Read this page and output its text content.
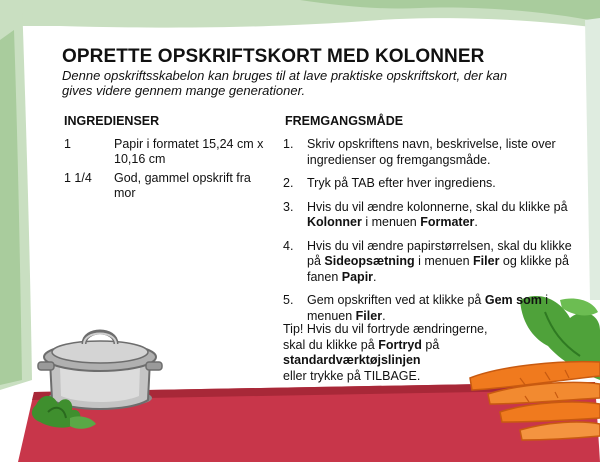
OPRETTE OPSKRIFTSKORT MED KOLONNER

Denne opskriftsskabelon kan bruges til at lave praktiske opskriftskort, der kan gives videre gennem mange generationer.

INGREDIENSER	FREMGANGSMÅDE
1	Papir i formatet 15,24 cm x 10,16 cm
1 1/4	God, gammel opskrift fra mor
1.	Skriv opskriftens navn, beskrivelse, liste over ingredienser og fremgangsmåde.
2.	Tryk på TAB efter hver ingrediens.
3.	Hvis du vil ændre kolonnerne, skal du klikke på Kolonner i menuen Formater.
4.	Hvis du vil ændre papirstørrelsen, skal du klikke på Sideopsætning i menuen Filer og klikke på fanen Papir.
5.	Gem opskriften ved at klikke på Gem som i menuen Filer.
Tip! Hvis du vil fortryde ændringerne,
skal du klikke på Fortryd på
standardværktøjslinjen
eller trykke på TILBAGE.
